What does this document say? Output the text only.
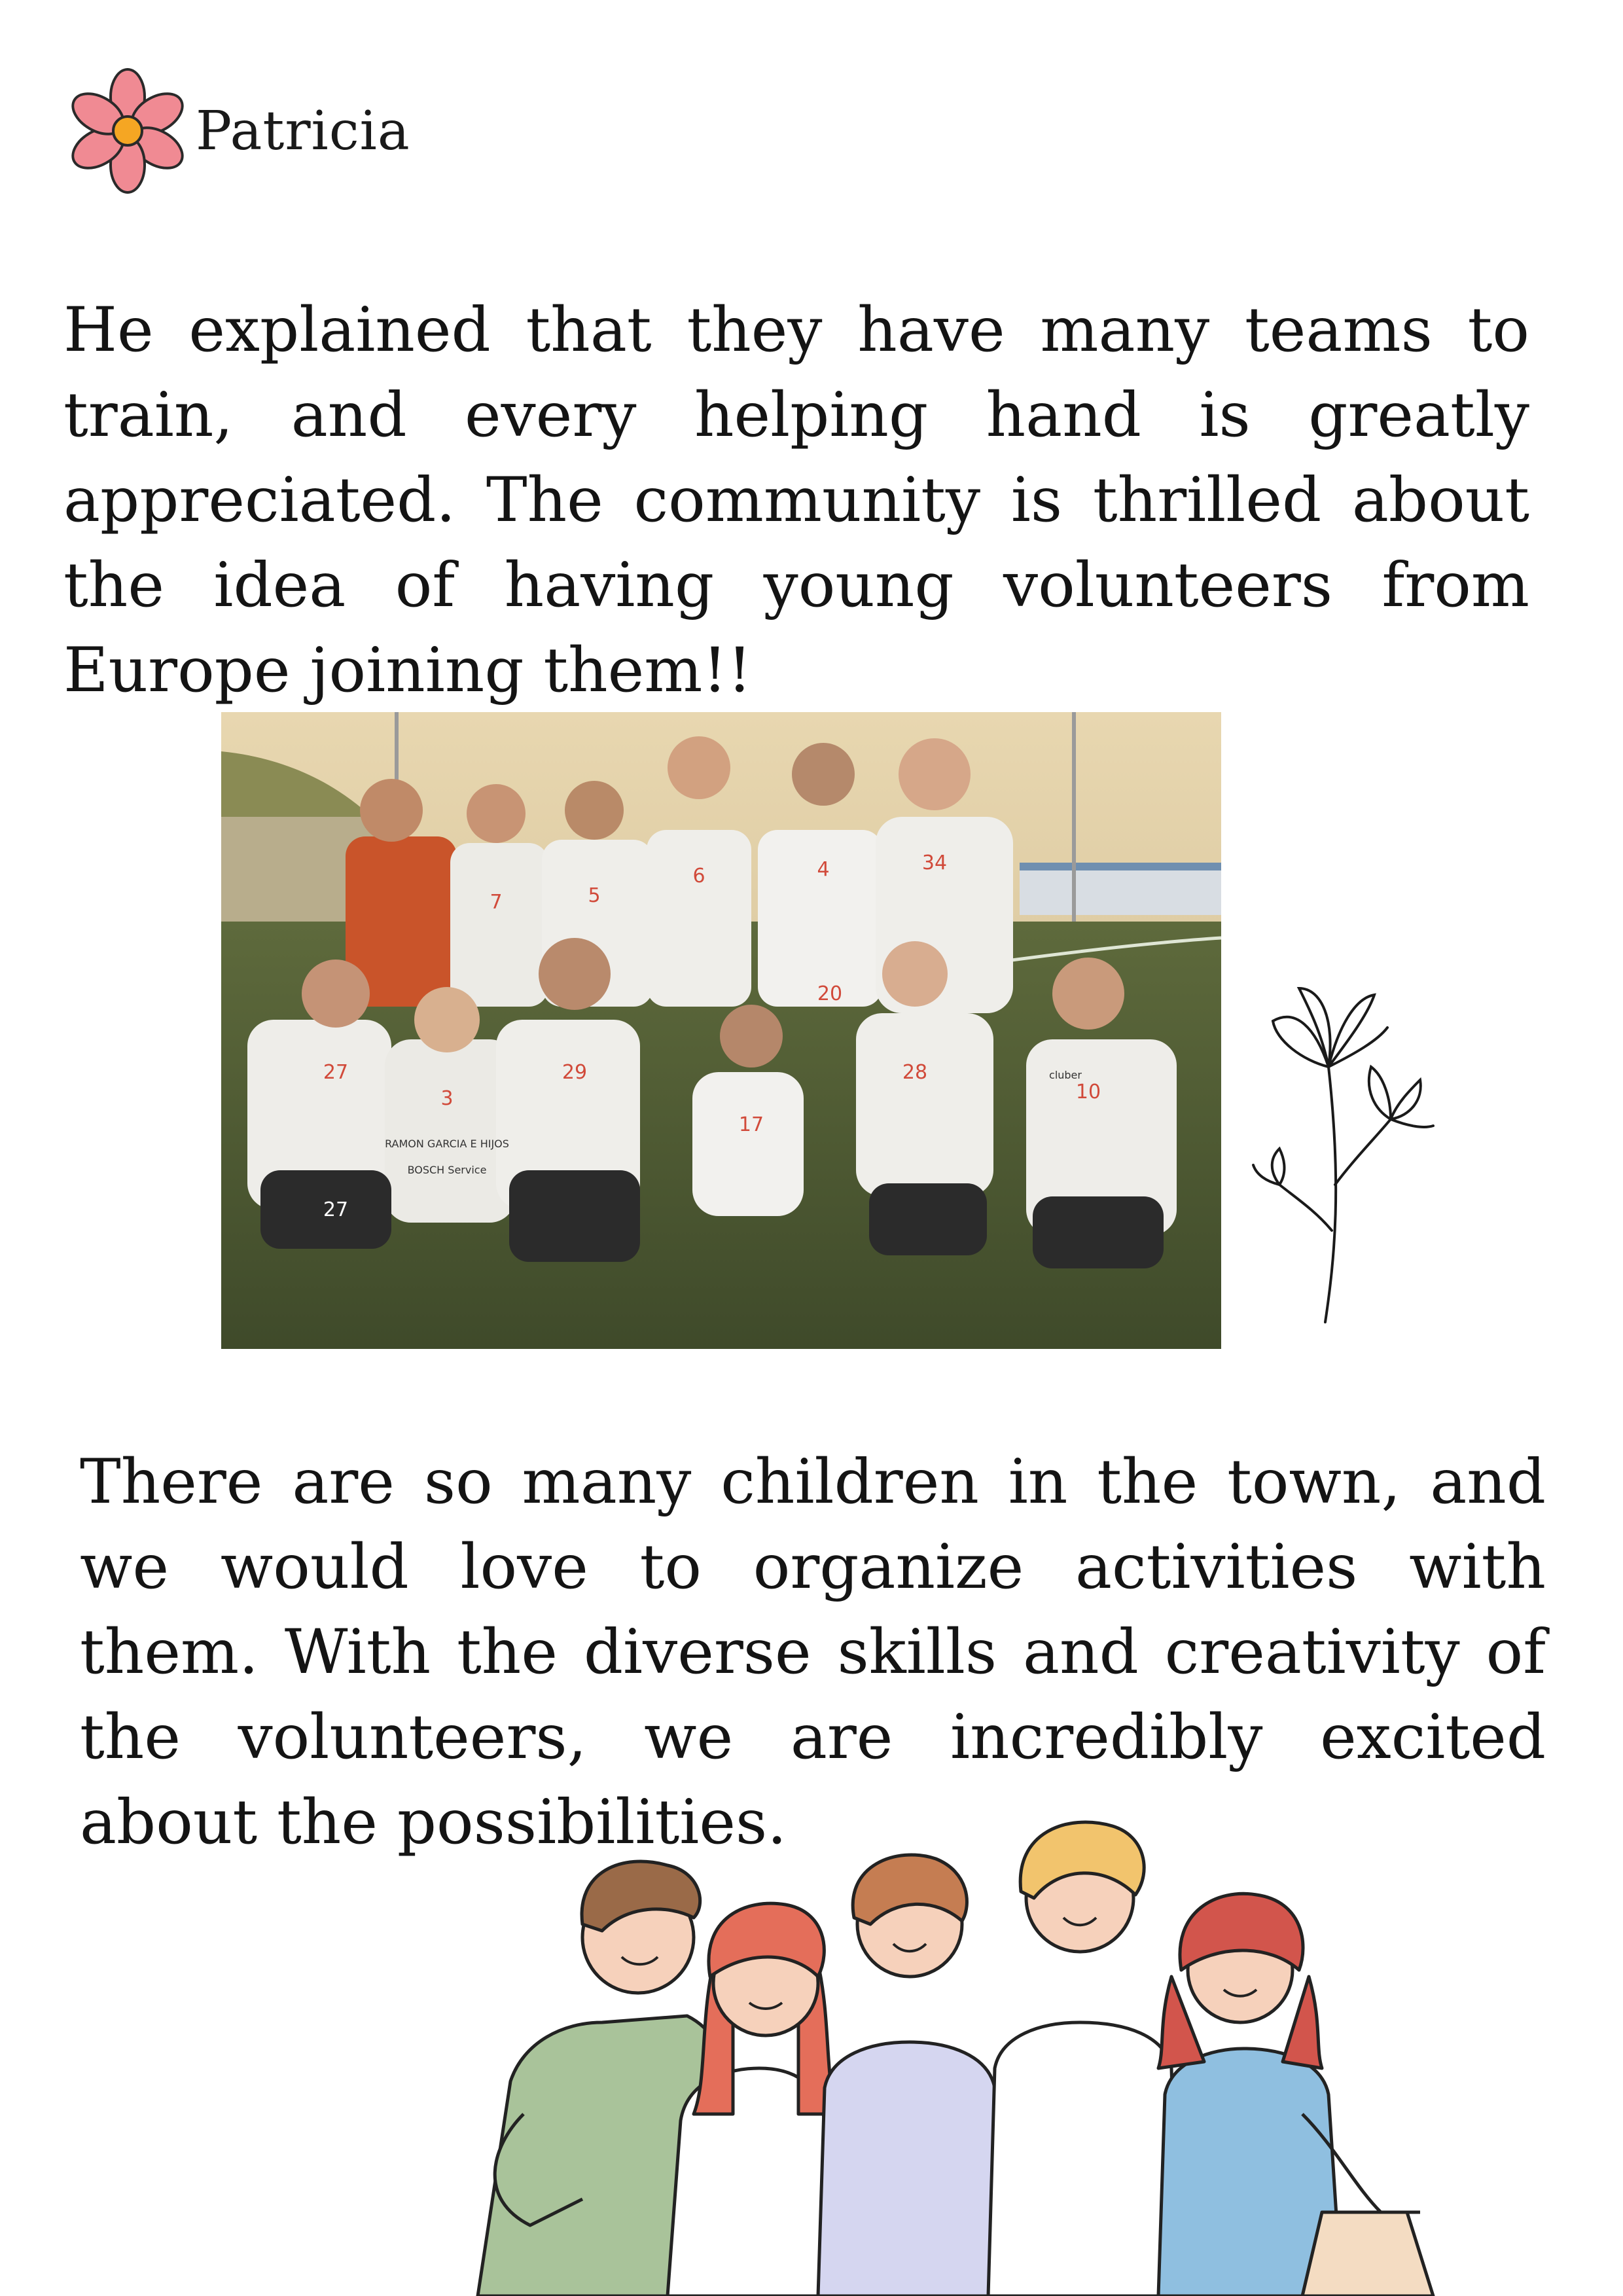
Patricia

He explained that they have many teams to train, and every helping hand is greatly appreciated. The community is thrilled about the idea of having young volunteers from Europe joining them!!

7	5
6	4	34
27
3
29
17
28
10
20
27
RAMON GARCIA E HIJOS
BOSCH Service
cluber

There are so many children in the town, and we would love to organize activities with them. With the diverse skills and creativity of the volunteers, we are incredibly excited about the possibilities.
